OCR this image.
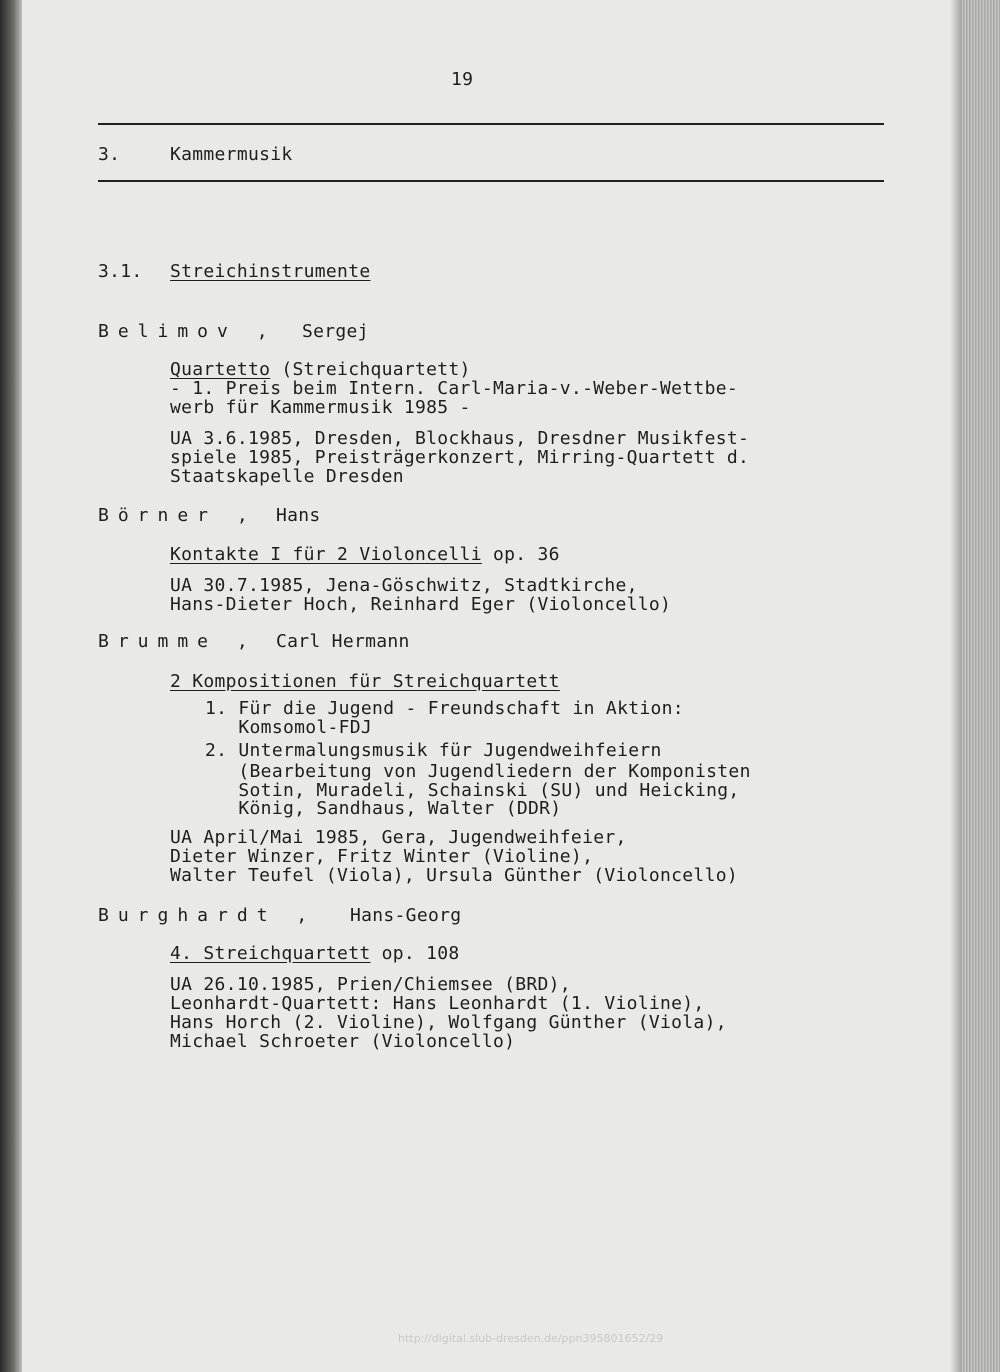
19
3.	Kammermusik
3.1. Streichinstrumente
Belimov , Sergej
Quartetto (Streichquartett)
- 1. Preis beim Intern. Carl-Maria-v.-Weber-Wettbe-
werb für Kammermusik 1985 -
UA 3.6.1985, Dresden, Blockhaus, Dresdner Musikfest-
spiele 1985, Preisträgerkonzert, Mirring-Quartett d.
Staatskapelle Dresden
Börner , Hans
Kontakte I für 2 Violoncelli op. 36
UA 30.7.1985, Jena-Göschwitz, Stadtkirche,
Hans-Dieter Hoch, Reinhard Eger (Violoncello)
Brumme , Carl Hermann
2 Kompositionen für Streichquartett
1. Für die Jugend - Freundschaft in Aktion:
Komsomol-FDJ
2. Untermalungsmusik für Jugendweihfeiern
(Bearbeitung von Jugendliedern der Komponisten
Sotin, Muradeli, Schainski (SU) und Heicking,
König, Sandhaus, Walter (DDR)
UA April/Mai 1985, Gera, Jugendweihfeier,
Dieter Winzer, Fritz Winter (Violine),
Walter Teufel (Viola), Ursula Günther (Violoncello)
Burghardt , Hans-Georg
4. Streichquartett op. 108
UA 26.10.1985, Prien/Chiemsee (BRD),
Leonhardt-Quartett: Hans Leonhardt (1. Violine),
Hans Horch (2. Violine), Wolfgang Günther (Viola),
Michael Schroeter (Violoncello)
http://digital.slub-dresden.de/ppn395801652/29
